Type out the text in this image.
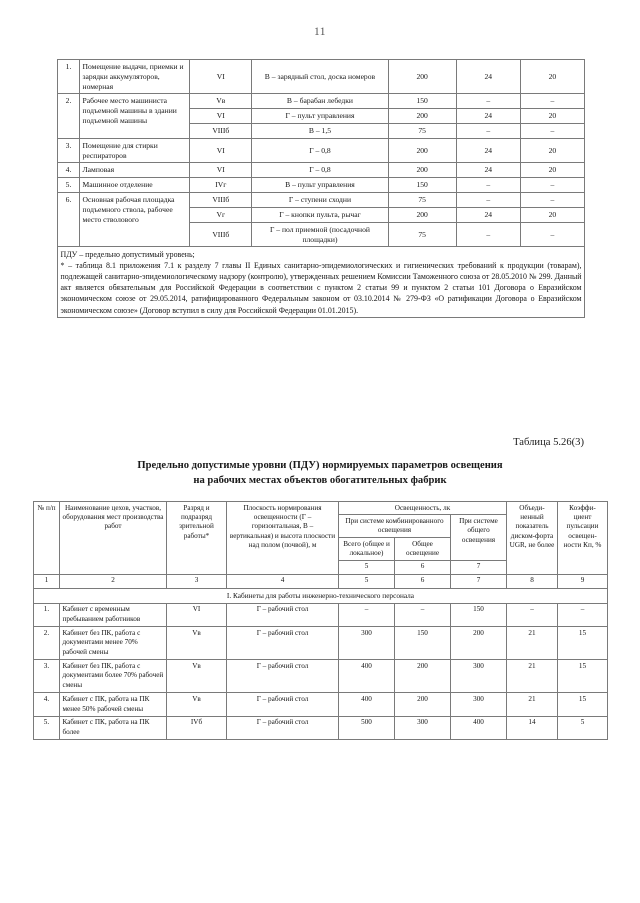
11
1.	Помещение выдачи, приемки и зарядки аккумуляторов, номерная	VI	В – зарядный стол, доска номеров	200	24	20
2.	Рабочее место машиниста подъемной машины в здании подъемной машины	Vв	В – барабан лебедки	150	–	–
		VI	Г – пульт управления	200	24	20
		VIIIб	В – 1,5	75	–	–
3.	Помещение для стирки респираторов	VI	Г – 0,8	200	24	20
4.	Ламповая	VI	Г – 0,8	200	24	20
5.	Машинное отделение	IVг	В – пульт управления	150	–	–
6.	Основная рабочая площадка подъемного ствола, рабочее место стволового	VIIIб	Г – ступени сходни	75	–	–
		Vг	Г – кнопки пульта, рычаг	200	24	20
		VIIIб	Г – пол приемной (посадочной площадки)	75	–	–

ПДУ – предельно допустимый уровень;

* – таблица 8.1 приложения 7.1 к разделу 7 главы II Единых санитарно-эпидемиологических и гигиенических требований к продукции (товарам), подлежащей санитарно-эпидемиологическому надзору (контролю), утвержденных решением Комиссии Таможенного союза от 28.05.2010 № 299. Данный акт является обязательным для Российской Федерации в соответствии с пунктом 2 статьи 99 и пунктом 2 статьи 101 Договора о Евразийском экономическом союзе от 29.05.2014, ратифицированного Федеральным законом от 03.10.2014 № 279-ФЗ «О ратификации Договора о Евразийском экономическом союзе» (Договор вступил в силу для Российской Федерации 01.01.2015).						

Таблица 5.26(3)
Предельно допустимые уровни (ПДУ) нормируемых параметров освещения
на рабочих местах объектов обогатительных фабрик
№ п/п	Наименование цехов, участков, оборудования мест производства работ	Разряд и подразряд зрительной работы*	Плоскость нормирования освещенности (Г – горизонтальная, В – вертикальная) и высота плоскости над полом (почвой), м	Освещенность, лк			Объеди-ненный показатель диском-форта UGR, не более	Коэффи-циент пульсации освещен-ности Кп, %
				При системе комбинированного освещения		При системе общего освещения		
				Всего (общее и локальное)	Общее освещение			
				5	6	7		
1	2	3	4	5	6	7	8	9
I. Кабинеты для работы инженерно-технического персонала								
1.	Кабинет с временным пребыванием работников	VI	Г – рабочий стол	–	–	150	–	–
2.	Кабинет без ПК, работа с документами менее 70% рабочей смены	Vв	Г – рабочий стол	300	150	200	21	15
3.	Кабинет без ПК, работа с документами более 70% рабочей смены	Vв	Г – рабочий стол	400	200	300	21	15
4.	Кабинет с ПК, работа на ПК менее 50% рабочей смены	Vв	Г – рабочий стол	400	200	300	21	15
5.	Кабинет с ПК, работа на ПК более	IVб	Г – рабочий стол	500	300	400	14	5
